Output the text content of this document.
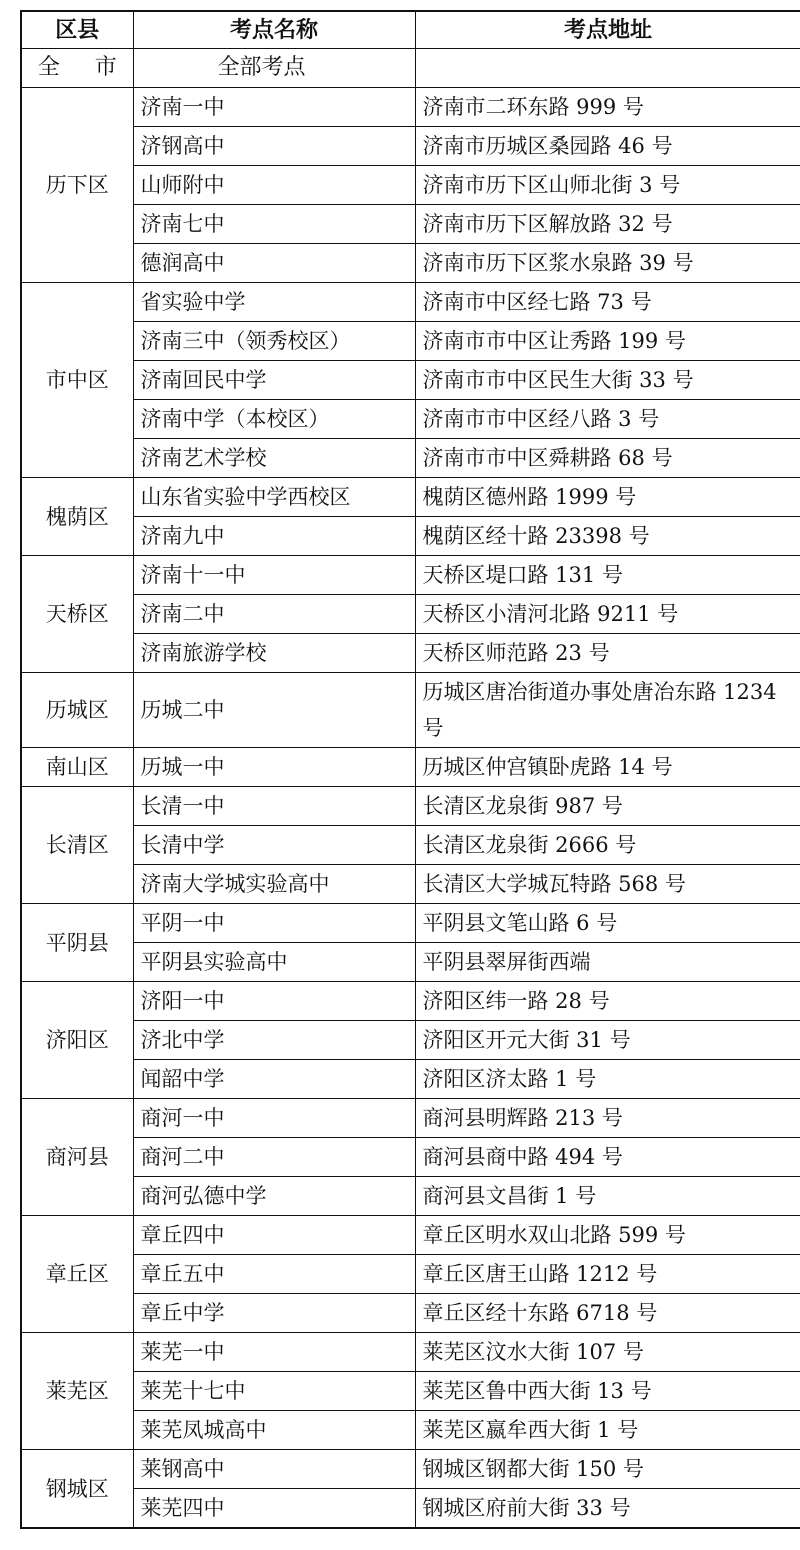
区县	考点名称	考点地址
全 市	全部考点	
历下区	济南一中	济南市二环东路 999 号
	济钢高中	济南市历城区桑园路 46 号
	山师附中	济南市历下区山师北街 3 号
	济南七中	济南市历下区解放路 32 号
	德润高中	济南市历下区浆水泉路 39 号
市中区	省实验中学	济南市中区经七路 73 号
	济南三中（领秀校区）	济南市市中区让秀路 199 号
	济南回民中学	济南市市中区民生大街 33 号
	济南中学（本校区）	济南市市中区经八路 3 号
	济南艺术学校	济南市市中区舜耕路 68 号
槐荫区	山东省实验中学西校区	槐荫区德州路 1999 号
	济南九中	槐荫区经十路 23398 号
天桥区	济南十一中	天桥区堤口路 131 号
	济南二中	天桥区小清河北路 9211 号
	济南旅游学校	天桥区师范路 23 号
历城区	历城二中	历城区唐冶街道办事处唐冶东路 1234 号
南山区	历城一中	历城区仲宫镇卧虎路 14 号
长清区	长清一中	长清区龙泉街 987 号
	长清中学	长清区龙泉街 2666 号
	济南大学城实验高中	长清区大学城瓦特路 568 号
平阴县	平阴一中	平阴县文笔山路 6 号
	平阴县实验高中	平阴县翠屏街西端
济阳区	济阳一中	济阳区纬一路 28 号
	济北中学	济阳区开元大街 31 号
	闻韶中学	济阳区济太路 1 号
商河县	商河一中	商河县明辉路 213 号
	商河二中	商河县商中路 494 号
	商河弘德中学	商河县文昌街 1 号
章丘区	章丘四中	章丘区明水双山北路 599 号
	章丘五中	章丘区唐王山路 1212 号
	章丘中学	章丘区经十东路 6718 号
莱芜区	莱芜一中	莱芜区汶水大街 107 号
	莱芜十七中	莱芜区鲁中西大街 13 号
	莱芜凤城高中	莱芜区嬴牟西大街 1 号
钢城区	莱钢高中	钢城区钢都大街 150 号
	莱芜四中	钢城区府前大街 33 号
